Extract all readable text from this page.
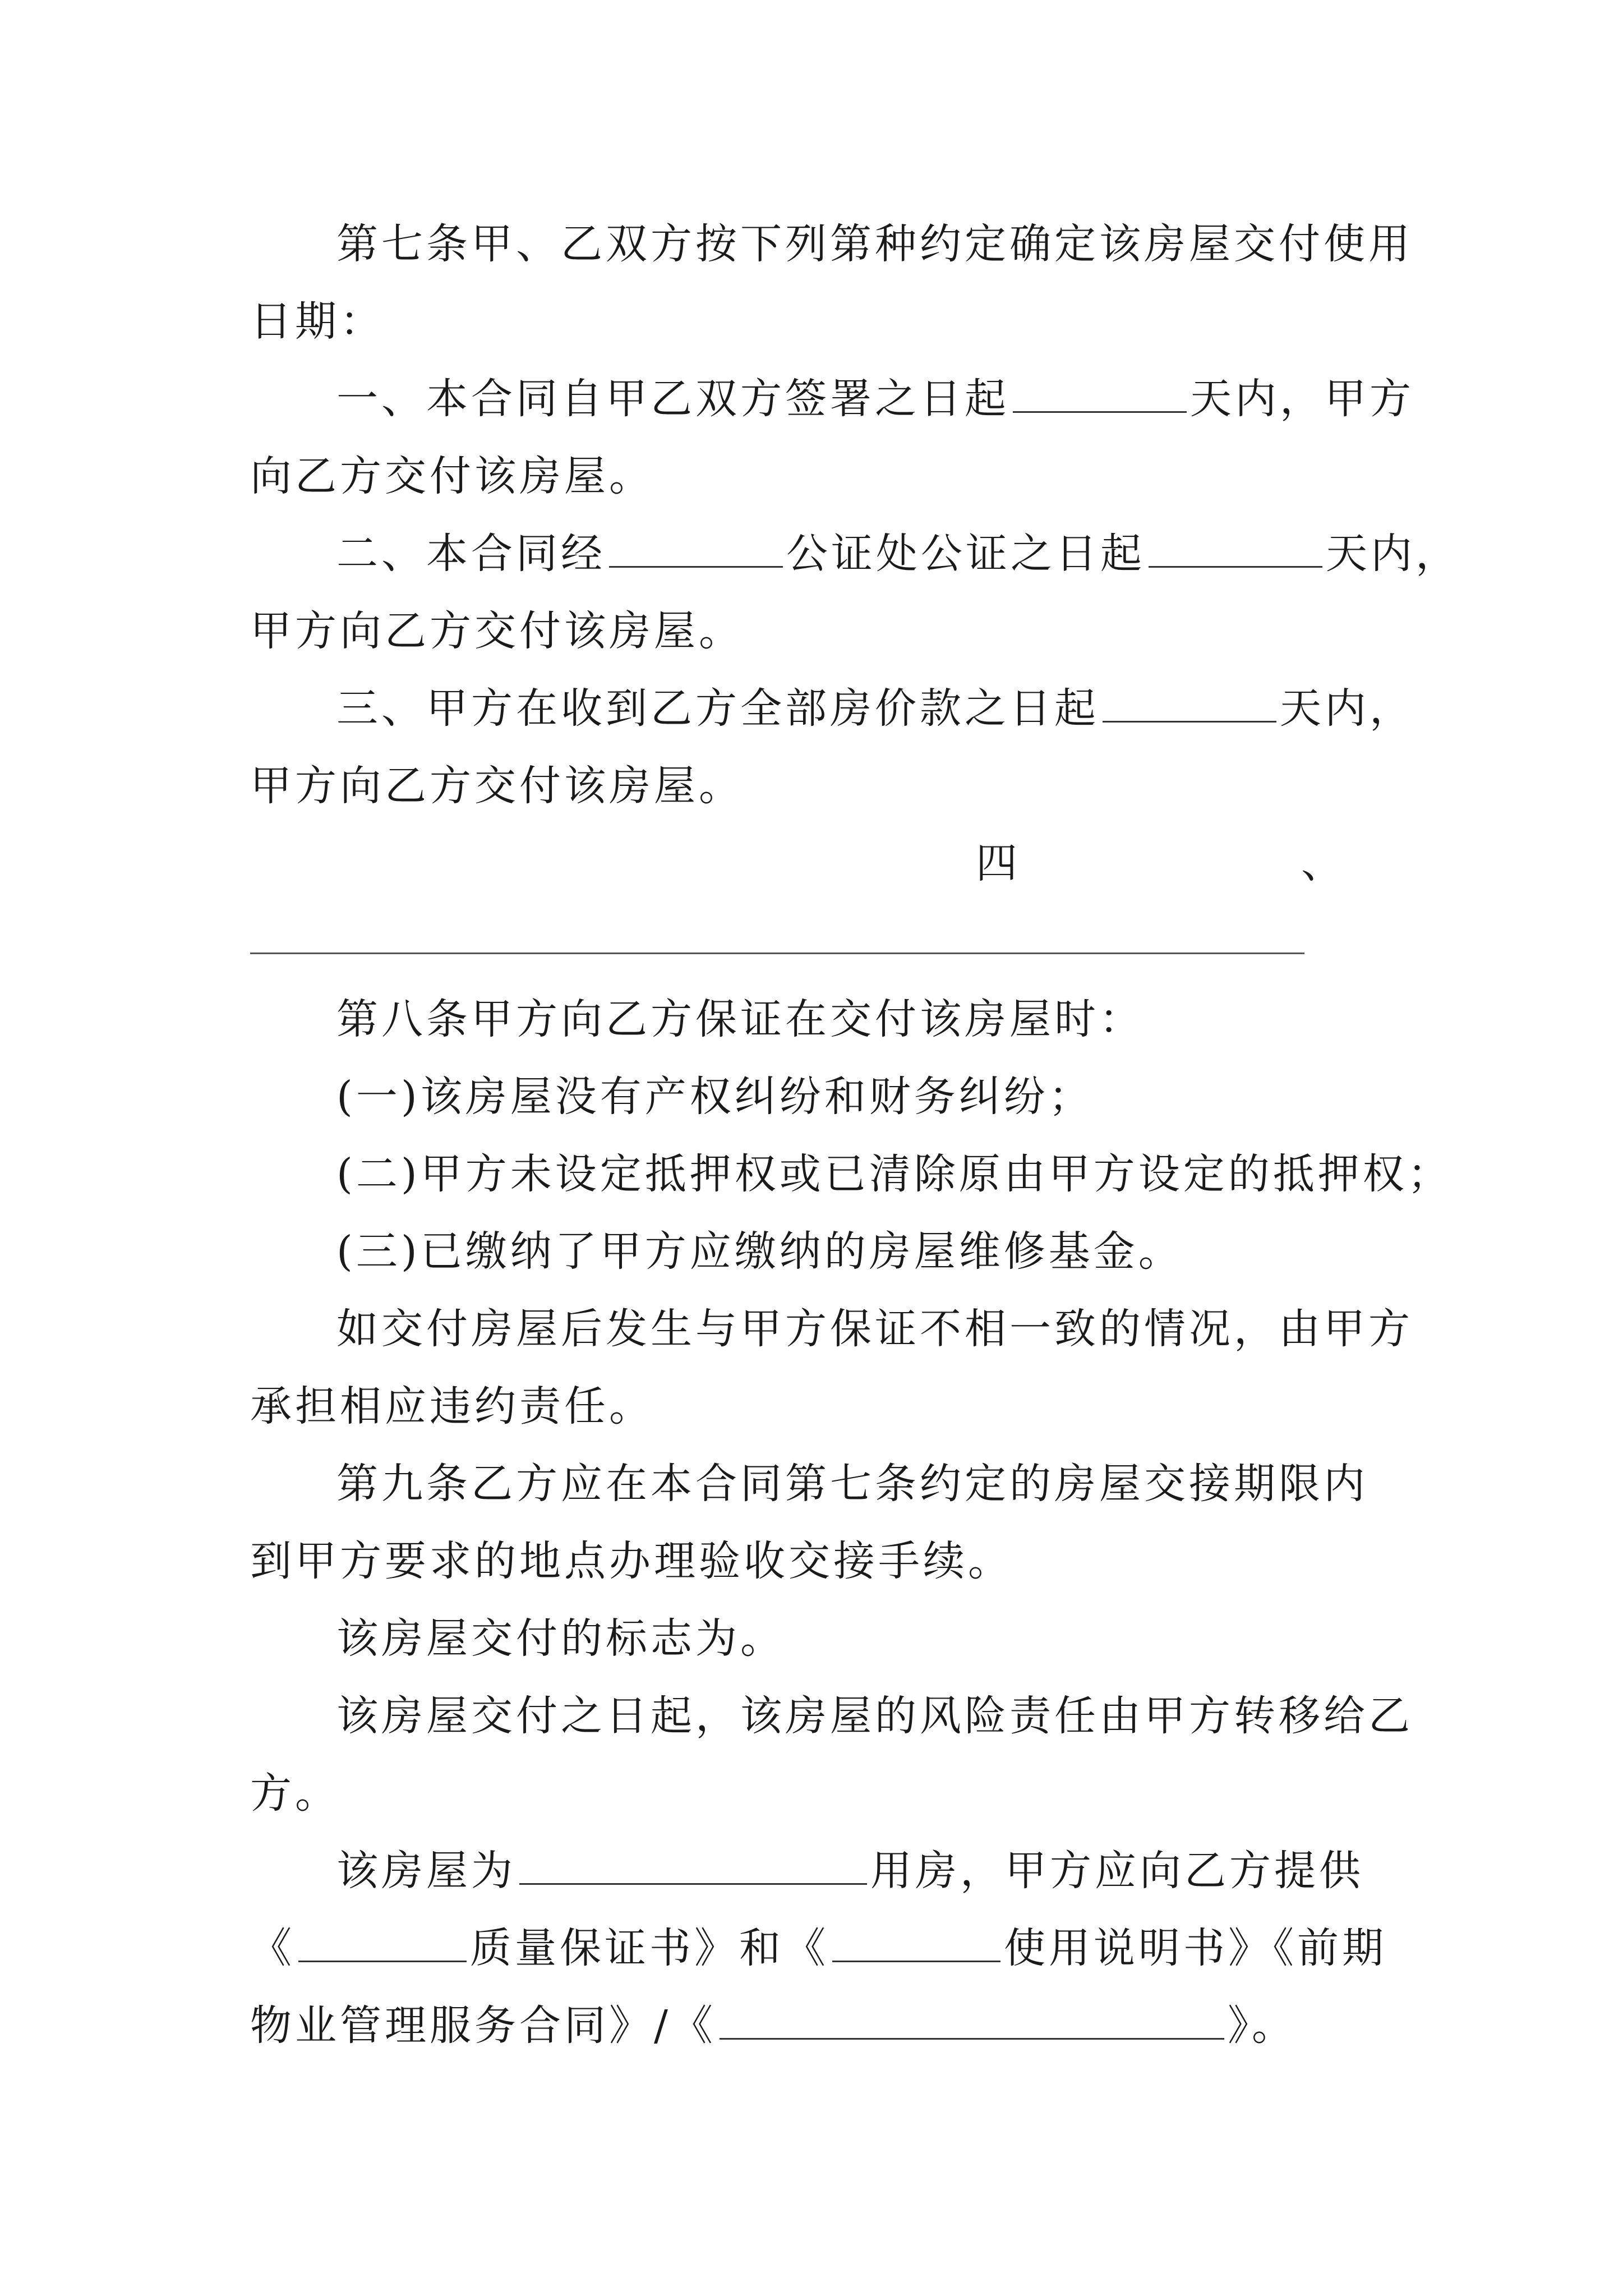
第七条甲、乙双方按下列第种约定确定该房屋交付使用
日期：
一、本合同自甲乙双方签署之日起	天内，甲方
向乙方交付该房屋。
二、本合同经	公证处公证之日起	天内，
甲方向乙方交付该房屋。
三、甲方在收到乙方全部房价款之日起	天内，
甲方向乙方交付该房屋。
四	、
第八条甲方向乙方保证在交付该房屋时：
(一)该房屋没有产权纠纷和财务纠纷；
(二)甲方未设定抵押权或已清除原由甲方设定的抵押权；
(三)已缴纳了甲方应缴纳的房屋维修基金。
如交付房屋后发生与甲方保证不相一致的情况，由甲方
承担相应违约责任。
第九条乙方应在本合同第七条约定的房屋交接期限内
到甲方要求的地点办理验收交接手续。
该房屋交付的标志为。
该房屋交付之日起，该房屋的风险责任由甲方转移给乙
方。
该房屋为	用房，甲方应向乙方提供
《	质量保证书》和《	使用说明书》《前期
物业管理服务合同》/《	》。
